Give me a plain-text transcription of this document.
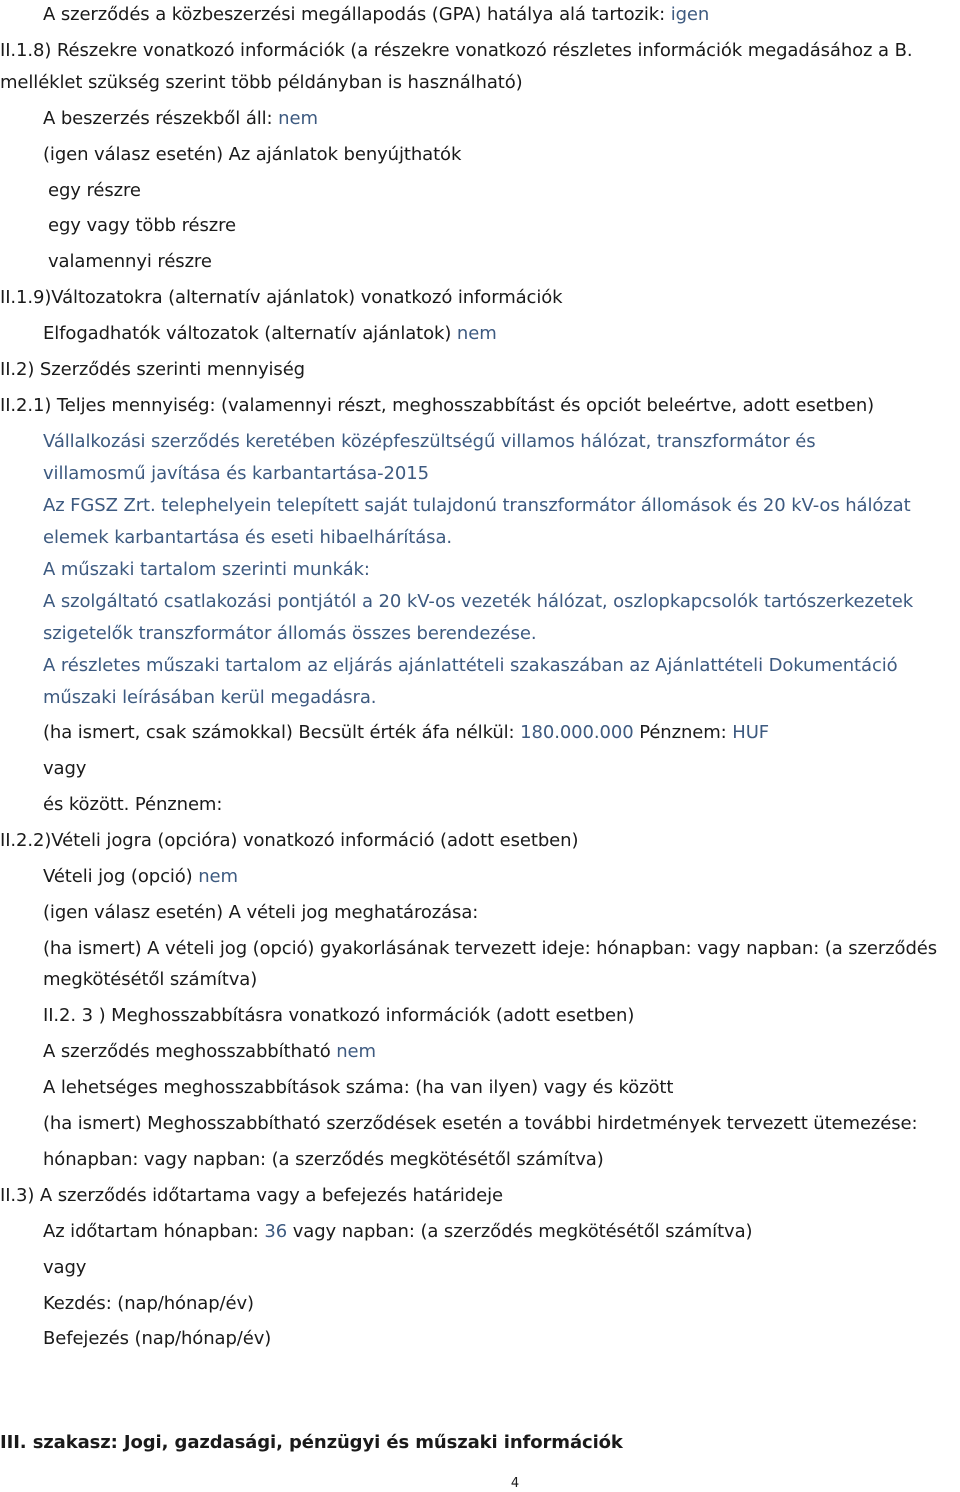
A szerződés a közbeszerzési megállapodás (GPA) hatálya alá tartozik: igen
II.1.8) Részekre vonatkozó információk (a részekre vonatkozó részletes információk megadásához a B.
melléklet szükség szerint több példányban is használható)
A beszerzés részekből áll: nem
(igen válasz esetén) Az ajánlatok benyújthatók
egy részre
egy vagy több részre
valamennyi részre
II.1.9)Változatokra (alternatív ajánlatok) vonatkozó információk
Elfogadhatók változatok (alternatív ajánlatok) nem
II.2) Szerződés szerinti mennyiség
II.2.1) Teljes mennyiség: (valamennyi részt, meghosszabbítást és opciót beleértve, adott esetben)
Vállalkozási szerződés keretében középfeszültségű villamos hálózat, transzformátor és
villamosmű javítása és karbantartása-2015
Az FGSZ Zrt. telephelyein telepített saját tulajdonú transzformátor állomások és 20 kV-os hálózat
elemek karbantartása és eseti hibaelhárítása.
A műszaki tartalom szerinti munkák:
A szolgáltató csatlakozási pontjától a 20 kV-os vezeték hálózat, oszlopkapcsolók tartószerkezetek
szigetelők transzformátor állomás összes berendezése.
A részletes műszaki tartalom az eljárás ajánlattételi szakaszában az Ajánlattételi Dokumentáció
műszaki leírásában kerül megadásra.
(ha ismert, csak számokkal) Becsült érték áfa nélkül: 180.000.000 Pénznem: HUF
vagy
és között. Pénznem:
II.2.2)Vételi jogra (opcióra) vonatkozó információ (adott esetben)
Vételi jog (opció) nem
(igen válasz esetén) A vételi jog meghatározása:
(ha ismert) A vételi jog (opció) gyakorlásának tervezett ideje: hónapban: vagy napban: (a szerződés
megkötésétől számítva)
II.2. 3 ) Meghosszabbításra vonatkozó információk (adott esetben)
A szerződés meghosszabbítható nem
A lehetséges meghosszabbítások száma: (ha van ilyen) vagy és között
(ha ismert) Meghosszabbítható szerződések esetén a további hirdetmények tervezett ütemezése:
hónapban: vagy napban: (a szerződés megkötésétől számítva)
II.3) A szerződés időtartama vagy a befejezés határideje
Az időtartam hónapban: 36 vagy napban: (a szerződés megkötésétől számítva)
vagy
Kezdés: (nap/hónap/év)
Befejezés (nap/hónap/év)
III. szakasz: Jogi, gazdasági, pénzügyi és műszaki információk
4
